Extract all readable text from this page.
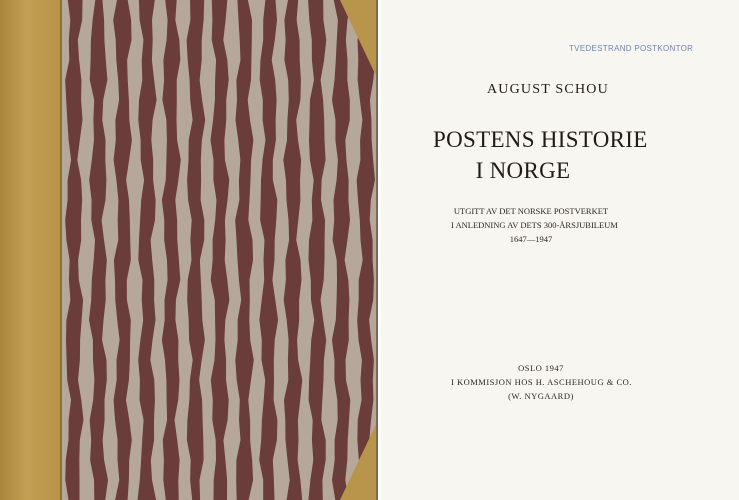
TVEDESTRAND POSTKONTOR
AUGUST SCHOU
POSTENS HISTORIE
I NORGE
UTGITT AV DET NORSKE POSTVERKET
I ANLEDNING AV DETS 300-ÅRSJUBILEUM
1647—1947
OSLO 1947
I KOMMISJON HOS H. ASCHEHOUG & CO.
(W. NYGAARD)
